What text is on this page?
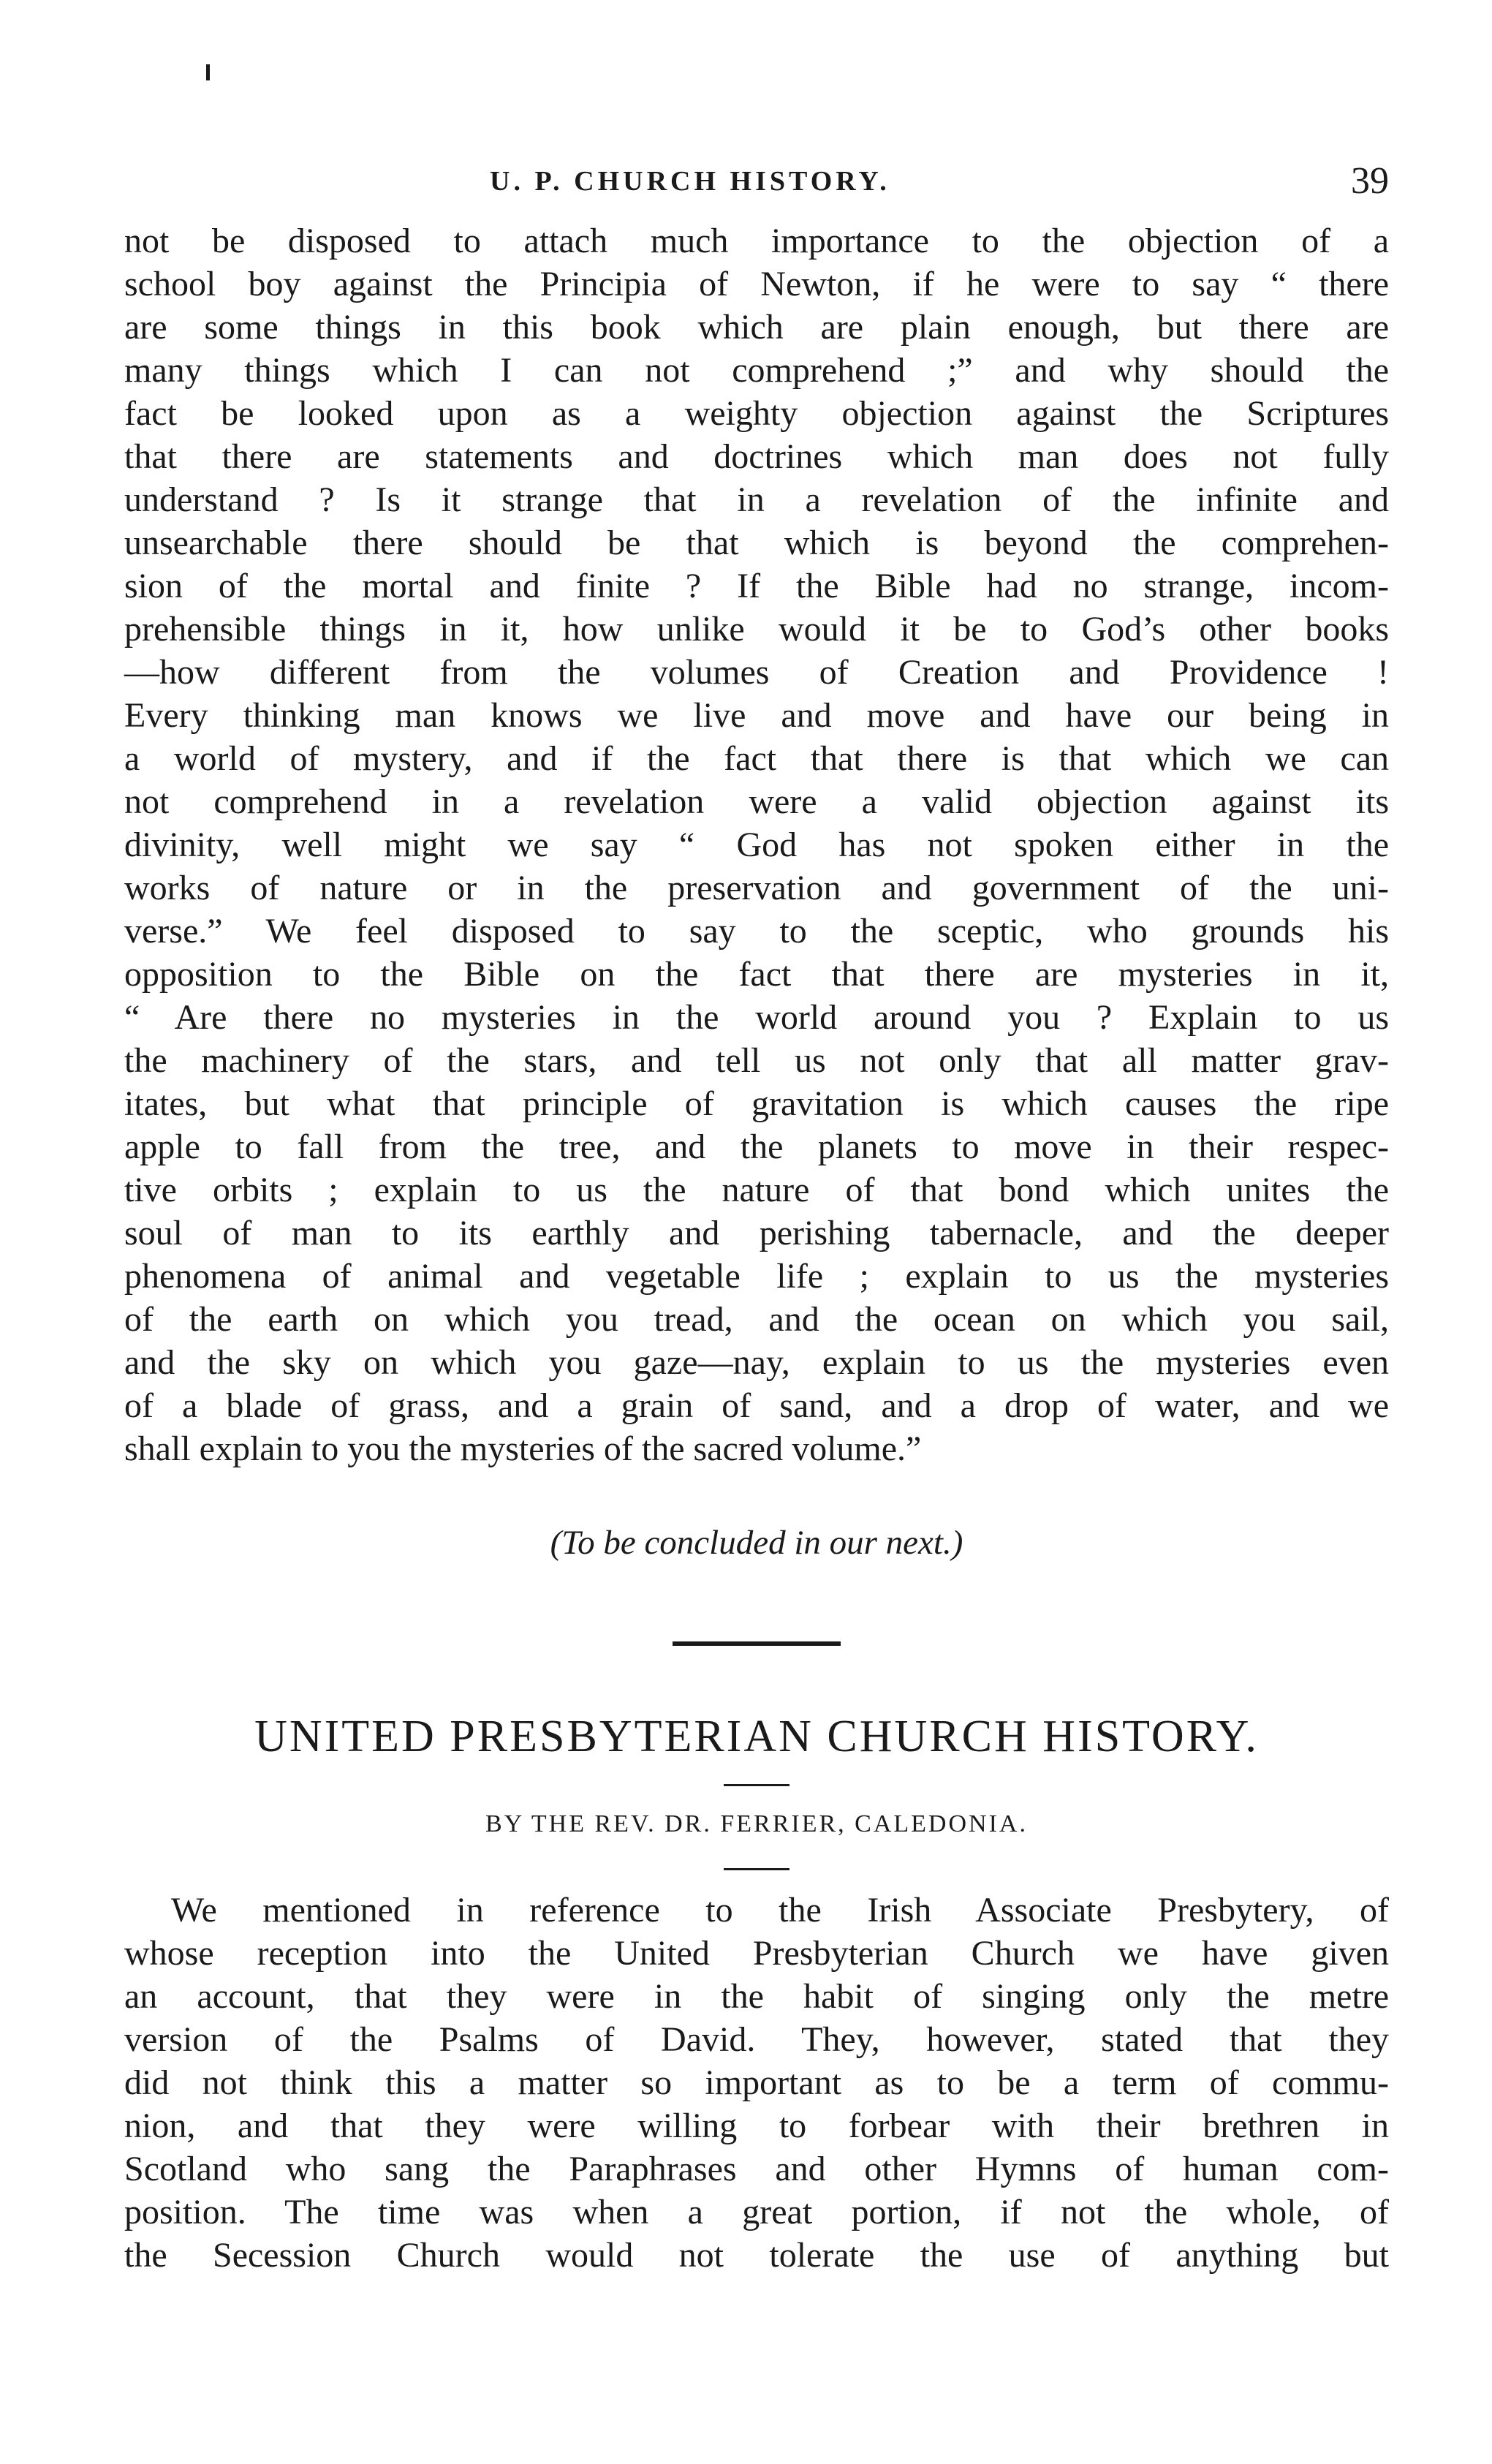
U. P. CHURCH HISTORY.	39
not be disposed to attach much importance to the objection of a
school boy against the Principia of Newton, if he were to say “ there
are some things in this book which are plain enough, but there are
many things which I can not comprehend ;” and why should the
fact be looked upon as a weighty objection against the Scriptures
that there are statements and doctrines which man does not fully
understand ? Is it strange that in a revelation of the infinite and
unsearchable there should be that which is beyond the comprehen-
sion of the mortal and finite ? If the Bible had no strange, incom-
prehensible things in it, how unlike would it be to God’s other books
—how different from the volumes of Creation and Providence !
Every thinking man knows we live and move and have our being in
a world of mystery, and if the fact that there is that which we can
not comprehend in a revelation were a valid objection against its
divinity, well might we say “ God has not spoken either in the
works of nature or in the preservation and government of the uni-
verse.” We feel disposed to say to the sceptic, who grounds his
opposition to the Bible on the fact that there are mysteries in it,
“ Are there no mysteries in the world around you ? Explain to us
the machinery of the stars, and tell us not only that all matter grav-
itates, but what that principle of gravitation is which causes the ripe
apple to fall from the tree, and the planets to move in their respec-
tive orbits ; explain to us the nature of that bond which unites the
soul of man to its earthly and perishing tabernacle, and the deeper
phenomena of animal and vegetable life ; explain to us the mysteries
of the earth on which you tread, and the ocean on which you sail,
and the sky on which you gaze—nay, explain to us the mysteries even
of a blade of grass, and a grain of sand, and a drop of water, and we
shall explain to you the mysteries of the sacred volume.”
(To be concluded in our next.)
UNITED PRESBYTERIAN CHURCH HISTORY.
BY THE REV. DR. FERRIER, CALEDONIA.
We mentioned in reference to the Irish Associate Presbytery, of
whose reception into the United Presbyterian Church we have given
an account, that they were in the habit of singing only the metre
version of the Psalms of David. They, however, stated that they
did not think this a matter so important as to be a term of commu-
nion, and that they were willing to forbear with their brethren in
Scotland who sang the Paraphrases and other Hymns of human com-
position. The time was when a great portion, if not the whole, of
the Secession Church would not tolerate the use of anything but
